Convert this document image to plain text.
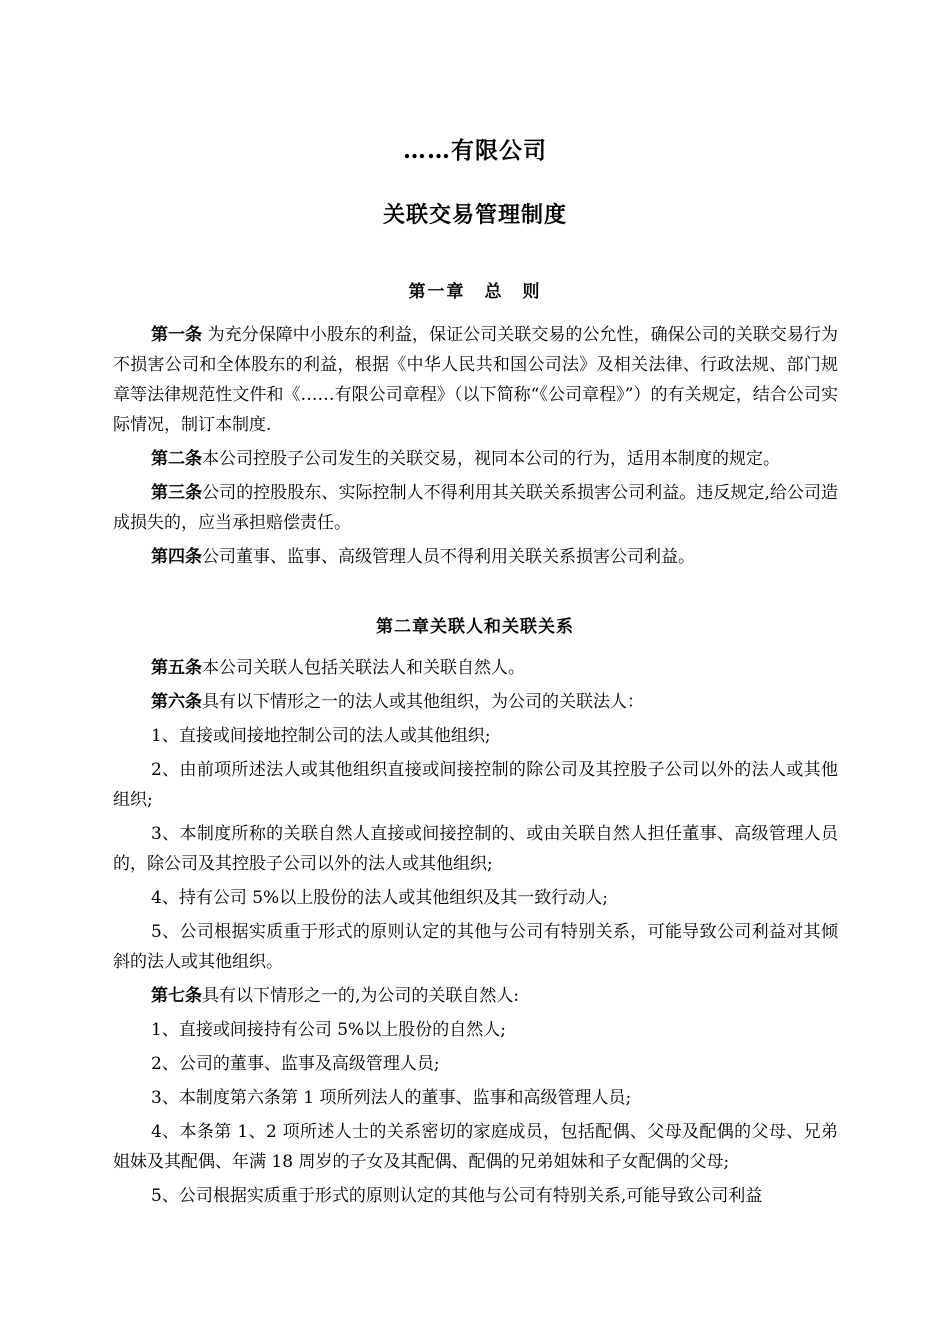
……有限公司
关联交易管理制度
第一章　总　则

第一条 为充分保障中小股东的利益，保证公司关联交易的公允性，确保公司的关联交易行为不损害公司和全体股东的利益，根据《中华人民共和国公司法》及相关法律、行政法规、部门规章等法律规范性文件和《……有限公司章程》（以下简称“《公司章程》”）的有关规定，结合公司实际情况，制订本制度.

第二条本公司控股子公司发生的关联交易，视同本公司的行为，适用本制度的规定。

第三条公司的控股股东、实际控制人不得利用其关联关系损害公司利益。违反规定,给公司造成损失的，应当承担赔偿责任。

第四条公司董事、监事、高级管理人员不得利用关联关系损害公司利益。

第二章关联人和关联关系

第五条本公司关联人包括关联法人和关联自然人。

第六条具有以下情形之一的法人或其他组织，为公司的关联法人：

1、直接或间接地控制公司的法人或其他组织;

2、由前项所述法人或其他组织直接或间接控制的除公司及其控股子公司以外的法人或其他组织;

3、本制度所称的关联自然人直接或间接控制的、或由关联自然人担任董事、高级管理人员的，除公司及其控股子公司以外的法人或其他组织;

4、持有公司 5%以上股份的法人或其他组织及其一致行动人;

5、公司根据实质重于形式的原则认定的其他与公司有特别关系，可能导致公司利益对其倾斜的法人或其他组织。

第七条具有以下情形之一的,为公司的关联自然人:

1、直接或间接持有公司 5%以上股份的自然人;

2、公司的董事、监事及高级管理人员;

3、本制度第六条第 1 项所列法人的董事、监事和高级管理人员;

4、本条第 1、2 项所述人士的关系密切的家庭成员，包括配偶、父母及配偶的父母、兄弟姐妹及其配偶、年满 18 周岁的子女及其配偶、配偶的兄弟姐妹和子女配偶的父母;

5、公司根据实质重于形式的原则认定的其他与公司有特别关系,可能导致公司利益
